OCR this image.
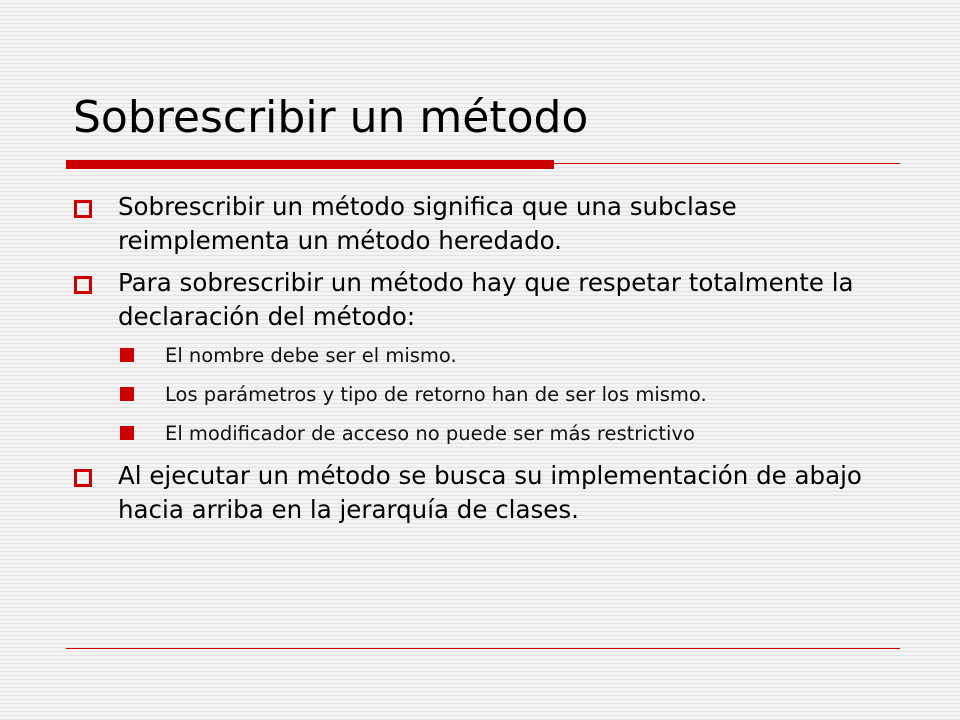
Sobrescribir un método
Sobrescribir un método significa que una subclase reimplementa un método heredado.
Para sobrescribir un método hay que respetar totalmente la declaración del método:
El nombre debe ser el mismo.
Los parámetros y tipo de retorno han de ser los mismo.
El modificador de acceso no puede ser más restrictivo
Al ejecutar un método se busca su implementación de abajo hacia arriba en la jerarquía de clases.
